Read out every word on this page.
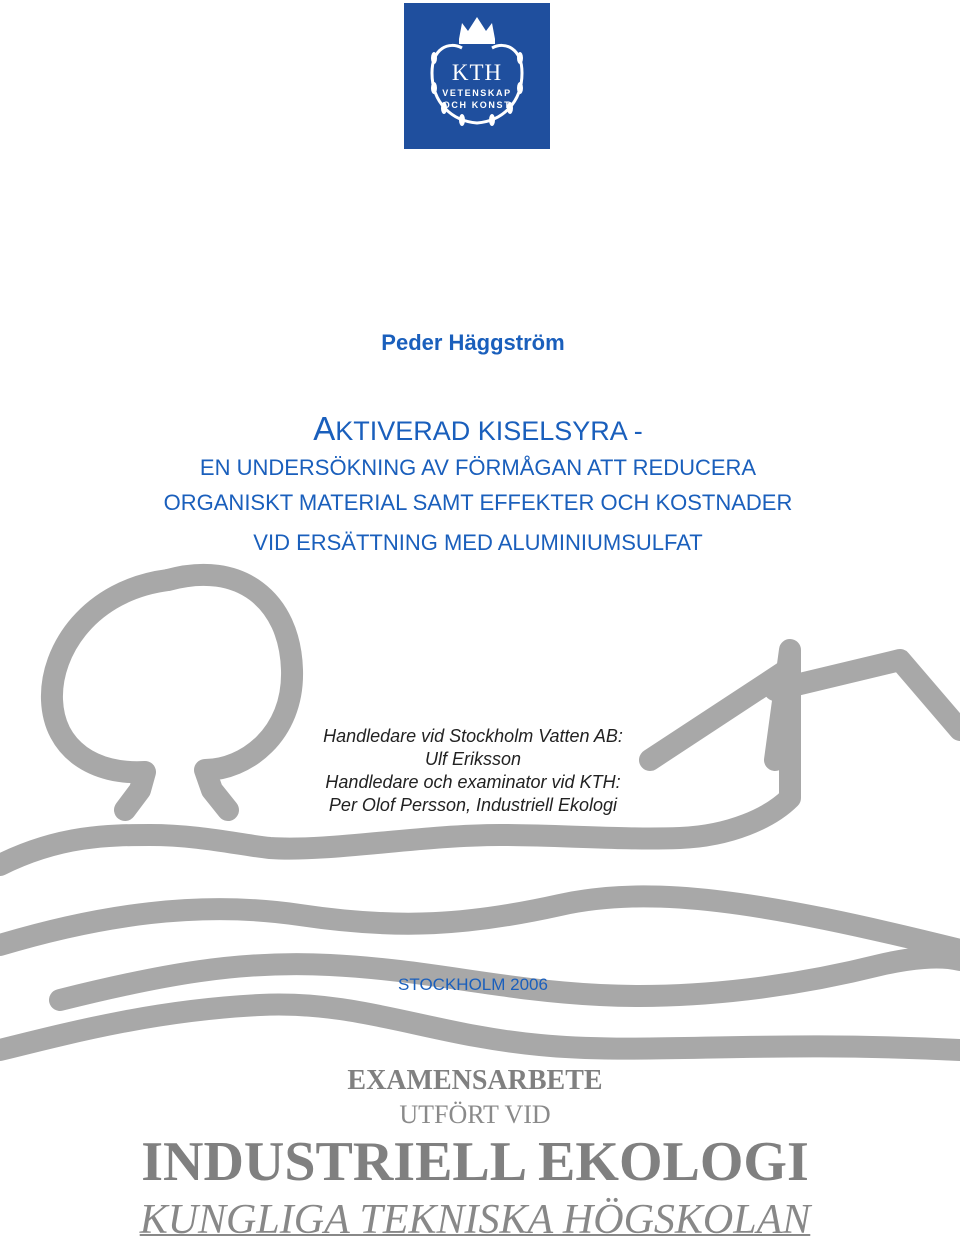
KTH
VETENSKAP
OCH KONST
Peder Häggström
AKTIVERAD KISELSYRA -
EN UNDERSÖKNING AV FÖRMÅGAN ATT REDUCERA
ORGANISKT MATERIAL SAMT EFFEKTER OCH KOSTNADER
VID ERSÄTTNING MED ALUMINIUMSULFAT
Handledare vid Stockholm Vatten AB:
Ulf Eriksson
Handledare och examinator vid KTH:
Per Olof Persson, Industriell Ekologi
STOCKHOLM 2006
EXAMENSARBETE
UTFÖRT VID
INDUSTRIELL EKOLOGI
KUNGLIGA TEKNISKA HÖGSKOLAN
